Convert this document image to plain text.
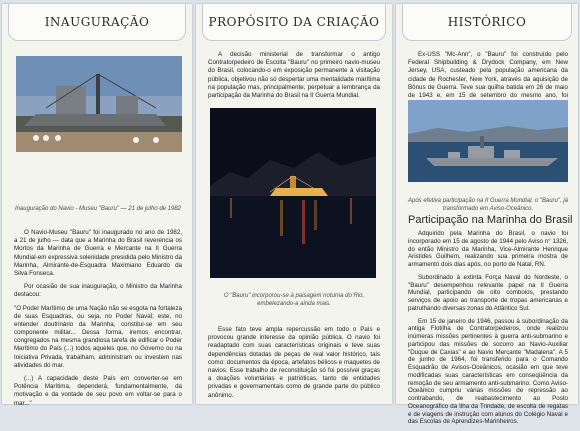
INAUGURAÇÃO
Inauguração do Navio - Museu "Bauru" — 21 de julho de 1982

O Navio-Museu "Bauru" foi inaugurado no ano de 1982, a 21 de julho — data que a Marinha do Brasil reverencia os Mortos da Marinha de Guerra e Mercante na II Guerra Mundial-em expressiva solenidade presidida pelo Ministro da Marinha, Almirante-de-Esquadra Maximiano Eduardo da Silva Fonseca.

Por ocasião de sua inauguração, o Ministro da Marinha destacou:

"O Poder Marítimo de uma Nação não se esgota na fortaleza de suas Esquadras, ou seja, no Poder Naval; este, no entender doutrinário da Marinha, constitui-se em seu componente militar... Dessa forma, iremos encontrar, congregados na mesma grandiosa tarefa de edificar o Poder Marítimo do País (...) todos aqueles que, no Governo ou na Iniciativa Privada, trabalham, administram ou investem nas atividades do mar.

(...) A capacidade deste País em converter-se em Potência Marítima, dependerá, fundamentalmente, da motivação e da vontade de seu povo em voltar-se para o mar..."

PROPÓSITO DA CRIAÇÃO

A decisão ministerial de transformar o antigo Contratorpedeiro de Escolta "Bauru" no primeiro navio-museu do Brasil, colocando-o em exposição permanente à visitação pública, objetivou não só despertar uma mentalidade marítima na população mas, principalmente, perpetuar a lembrança da participação da Marinha do Brasil na II Guerra Mundial.

O "Bauru" incorporou-se à paisagem noturna do Rio, embelezando-a ainda mais.

Esse fato teve ampla repercussão em todo o País e provocou grande interesse da opinião pública. O navio foi readaptado com suas características originais e teve suas dependências dotadas de peças de real valor histórico, tais como: documentos da época, artefatos bélicos e maquetes de navios. Esse trabalho de reconstituição só foi possível graças a doações voluntárias e patrióticas, tanto de entidades privadas e governamentais como de grande parte do público anônimo.

HISTÓRICO

Ex-USS "Mc-Ann", o "Bauru" foi construído pelo Federal Shipbuilding & Drydock Company, em New Jersey, USA, custeado pela população americana da cidade de Rochester, New York, através da aquisição de Bônus de Guerra. Teve sua quilha batida em 26 de maio de 1943 e, em 15 de setembro do mesmo ano, foi

Após efetiva participação na II Guerra Mundial, o "Bauru", já transformado em Aviso-Oceânico.
Participação na Marinha do Brasil

Adquirido pela Marinha do Brasil, o navio foi incorporado em 15 de agosto de 1944 pelo Aviso n° 1326, do então Ministro da Marinha, Vice-Almirante Henrique Aristides Guilhem, realizando sua primeira mostra de armamento dois dias após, no porto de Natal, RN.

Subordinado à extinta Força Naval do Nordeste, o "Bauru" desempenhou relevante papel na II Guerra Mundial, participando de oito comboios, prestando serviços de apoio ao transporte de tropas americanas e patrulhando diversas zonas do Atlântico Sul.

Em 15 de janeiro de 1946, passou à subordinação da antiga Flotilha de Contratorpedeiros, onde realizou inúmeras missões pertinentes à guerra anti-submarino e participou das missões de socorro ao Navio-Auxiliar "Duque de Caxias" e ao Navio Mercante "Madalena". A 5 de junho de 1964, foi transferido para o Comando Esquadrão de Avisos-Oceânicos, ocasião em que teve modificadas suas características em conseqüência da remoção de seu armamento anti-submarino. Como Aviso-Oceânico cumpriu várias missões de repressão ao contrabando, de reabastecimento ao Posto Oceanográfico da Ilha da Trindade, de escolta de regatas e de viagens de instrução com alunos do Colégio Naval e das Escolas de Aprendizes-Marinheiros.
